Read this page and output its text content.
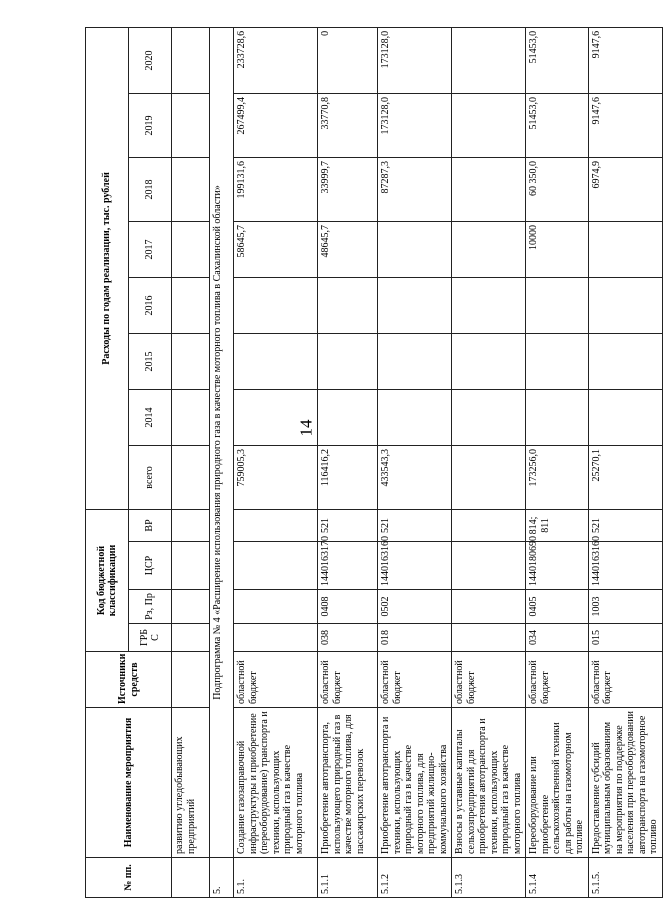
14
№ пп.	Наименование мероприятия	Источники средств	Код бюджетной классификации				Расходы по годам реализации, тыс. рублей							
			ГРБ С	Рз, Пр	ЦСР	ВР	всего	2014	2015	2016	2017	2018	2019	2020
	развитию угледобывающих предприятий													
5.	Подпрограмма № 4 «Расширение использования природного газа в качестве моторного топлива в Сахалинской области»													
5.1.	Создание газозаправочной инфраструктуры и приобретение (переоборудование) транспорта и техники, использующих природный газ в качестве моторного топлива	областной бюджет					759005,3				58645,7	199131,6	267499,4	233728,6
5.1.1	Приобретение автотранспорта, использующего природный газ в качестве моторного топлива, для пассажирских перевозок	областной бюджет	038	0408	1440163170	521	116416,2				48645,7	33999,7	33770,8	0
5.1.2	Приобретение автотранспорта и техники, использующих природный газ в качестве моторного топлива, для предприятий жилищно-коммунального хозяйства	областной бюджет	018	0502	1440163160	521	433543,3					87287,3	173128,0	173128,0
5.1.3	Взносы в уставные капиталы сельхозпредприятий для приобретения автотранспорта и техники, использующих природный газ в качестве моторного топлива	областной бюджет												
5.1.4	Переоборудование или приобретение сельскохозяйственной техники для работы на газомоторном топливе	областной бюджет	034	0405	1440180690	814; 811	173256,0				10000	60 350,0	51453,0	51453,0
5.1.5.	Предоставление субсидий муниципальным образованиям на мероприятия по поддержке населения при переоборудовании автотранспорта на газомоторное топливо	областной бюджет	015	1003	1440163160	521	25270,1					6974,9	9147,6	9147,6
